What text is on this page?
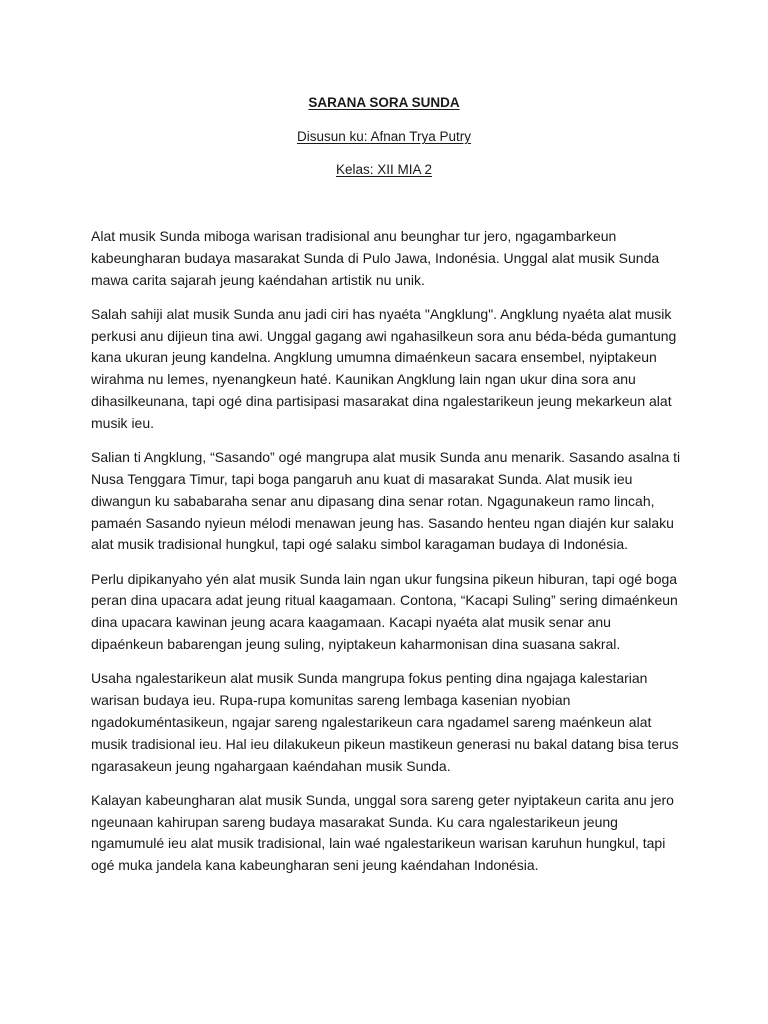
SARANA SORA SUNDA
Disusun ku: Afnan Trya Putry
Kelas: XII MIA 2

Alat musik Sunda miboga warisan tradisional anu beunghar tur jero, ngagambarkeun kabeungharan budaya masarakat Sunda di Pulo Jawa, Indonésia. Unggal alat musik Sunda mawa carita sajarah jeung kaéndahan artistik nu unik.

Salah sahiji alat musik Sunda anu jadi ciri has nyaéta "Angklung". Angklung nyaéta alat musik perkusi anu dijieun tina awi. Unggal gagang awi ngahasilkeun sora anu béda-béda gumantung kana ukuran jeung kandelna. Angklung umumna dimaénkeun sacara ensembel, nyiptakeun wirahma nu lemes, nyenangkeun haté. Kaunikan Angklung lain ngan ukur dina sora anu dihasilkeunana, tapi ogé dina partisipasi masarakat dina ngalestarikeun jeung mekarkeun alat musik ieu.

Salian ti Angklung, “Sasando” ogé mangrupa alat musik Sunda anu menarik. Sasando asalna ti Nusa Tenggara Timur, tapi boga pangaruh anu kuat di masarakat Sunda. Alat musik ieu diwangun ku sababaraha senar anu dipasang dina senar rotan. Ngagunakeun ramo lincah, pamaén Sasando nyieun mélodi menawan jeung has. Sasando henteu ngan diajén kur salaku alat musik tradisional hungkul, tapi ogé salaku simbol karagaman budaya di Indonésia.

Perlu dipikanyaho yén alat musik Sunda lain ngan ukur fungsina pikeun hiburan, tapi ogé boga peran dina upacara adat jeung ritual kaagamaan. Contona, “Kacapi Suling” sering dimaénkeun dina upacara kawinan jeung acara kaagamaan. Kacapi nyaéta alat musik senar anu dipaénkeun babarengan jeung suling, nyiptakeun kaharmonisan dina suasana sakral.

Usaha ngalestarikeun alat musik Sunda mangrupa fokus penting dina ngajaga kalestarian warisan budaya ieu. Rupa-rupa komunitas sareng lembaga kasenian nyobian ngadokuméntasikeun, ngajar sareng ngalestarikeun cara ngadamel sareng maénkeun alat musik tradisional ieu. Hal ieu dilakukeun pikeun mastikeun generasi nu bakal datang bisa terus ngarasakeun jeung ngahargaan kaéndahan musik Sunda.

Kalayan kabeungharan alat musik Sunda, unggal sora sareng geter nyiptakeun carita anu jero ngeunaan kahirupan sareng budaya masarakat Sunda. Ku cara ngalestarikeun jeung ngamumulé ieu alat musik tradisional, lain waé ngalestarikeun warisan karuhun hungkul, tapi ogé muka jandela kana kabeungharan seni jeung kaéndahan Indonésia.
